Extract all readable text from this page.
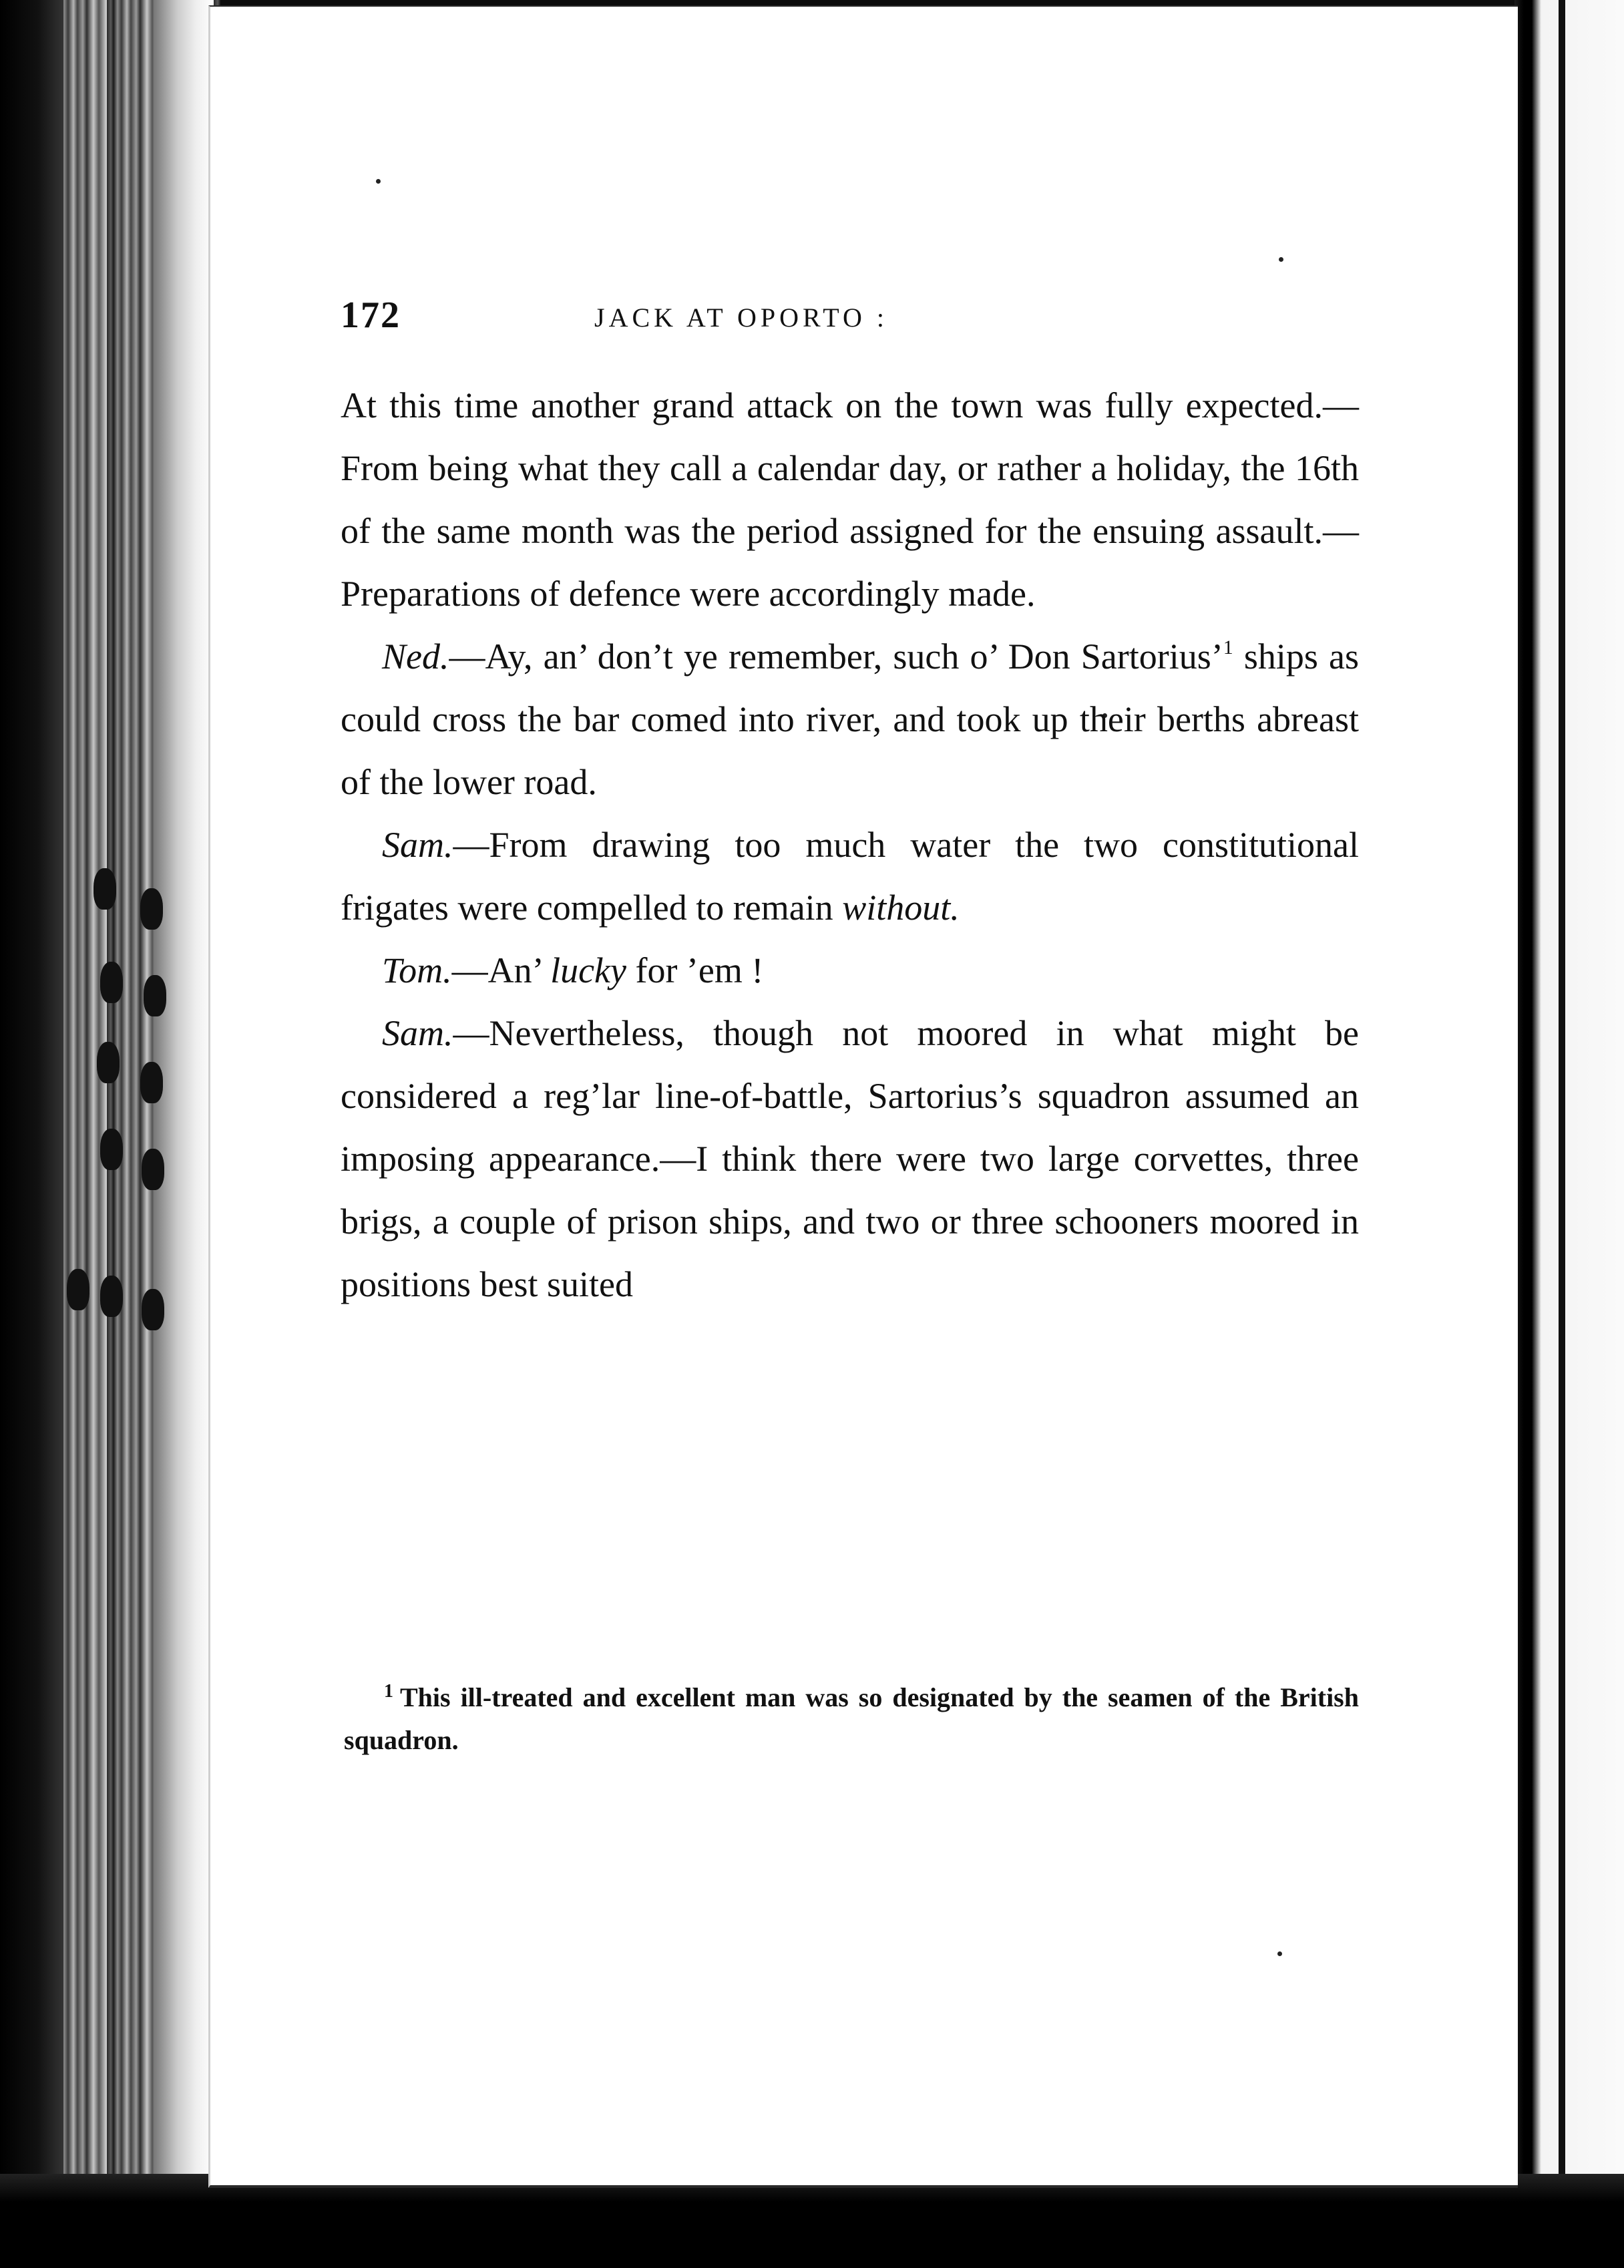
172	JACK AT OPORTO :

At this time another grand attack on the town was fully expected.—From being what they call a calendar day, or rather a holiday, the 16th of the same month was the period assigned for the ensuing assault.—Preparations of defence were accordingly made.

Ned.—Ay, an’ don’t ye remember, such o’ Don Sartorius’$^1$ ships as could cross the bar comed into river, and took up their berths abreast of the lower road.

Sam.—From drawing too much water the two constitutional frigates were compelled to remain without.

Tom.—An’ lucky for ’em !

Sam.—Nevertheless, though not moored in what might be considered a reg’lar line-of-battle, Sartorius’s squadron assumed an imposing appearance.—I think there were two large corvettes, three brigs, a couple of prison ships, and two or three schooners moored in positions best suited

$^1$ This ill-treated and excellent man was so designated by the seamen of the British squadron.
